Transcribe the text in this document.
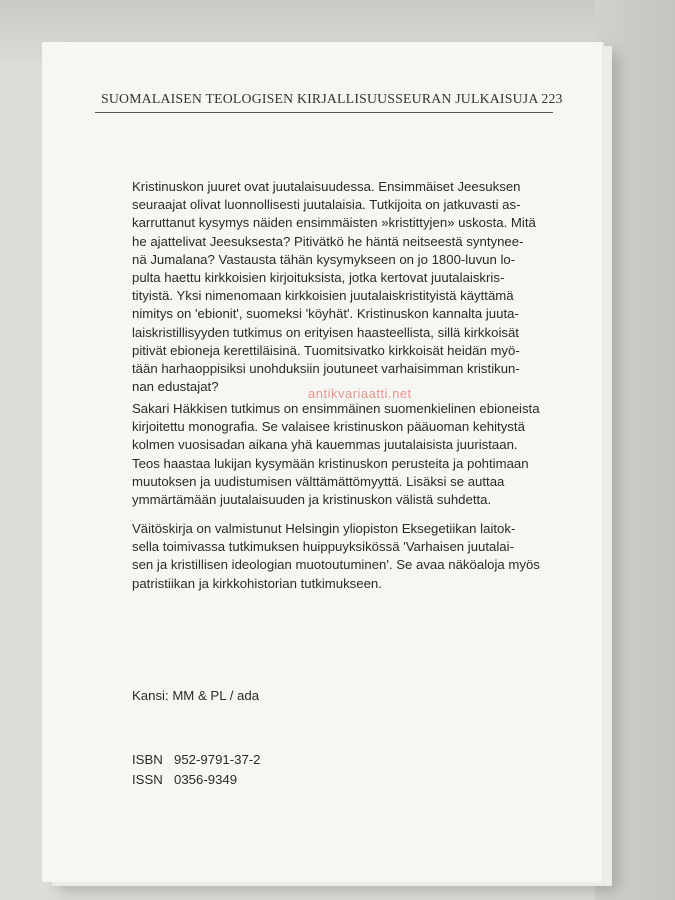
SUOMALAISEN TEOLOGISEN KIRJALLISUUSSEURAN JULKAISUJA 223
Kristinuskon juuret ovat juutalaisuudessa. Ensimmäiset Jeesuksen
seuraajat olivat luonnollisesti juutalaisia. Tutkijoita on jatkuvasti as-
karruttanut kysymys näiden ensimmäisten »kristittyjen» uskosta. Mitä
he ajattelivat Jeesuksesta? Pitivätkö he häntä neitseestä syntynee-
nä Jumalana? Vastausta tähän kysymykseen on jo 1800-luvun lo-
pulta haettu kirkkoisien kirjoituksista, jotka kertovat juutalaiskris-
tityistä. Yksi nimenomaan kirkkoisien juutalaiskristityistä käyttämä
nimitys on 'ebionit', suomeksi 'köyhät'. Kristinuskon kannalta juuta-
laiskristillisyyden tutkimus on erityisen haasteellista, sillä kirkkoisät
pitivät ebioneja kerettiläisinä. Tuomitsivatko kirkkoisät heidän myö-
tään harhaoppisiksi unohduksiin joutuneet varhaisimman kristikun-
nan edustajat?
Sakari Häkkisen tutkimus on ensimmäinen suomenkielinen ebioneista
kirjoitettu monografia. Se valaisee kristinuskon pääuoman kehitystä
kolmen vuosisadan aikana yhä kauemmas juutalaisista juuristaan.
Teos haastaa lukijan kysymään kristinuskon perusteita ja pohtimaan
muutoksen ja uudistumisen välttämättömyyttä. Lisäksi se auttaa
ymmärtämään juutalaisuuden ja kristinuskon välistä suhdetta.
Väitöskirja on valmistunut Helsingin yliopiston Eksegetiikan laitok-
sella toimivassa tutkimuksen huippuyksikössä 'Varhaisen juutalai-
sen ja kristillisen ideologian muotoutuminen'. Se avaa näköaloja myös
patristiikan ja kirkkohistorian tutkimukseen.
antikvariaatti.net
Kansi: MM & PL / ada
ISBN 952-9791-37-2
ISSN 0356-9349
